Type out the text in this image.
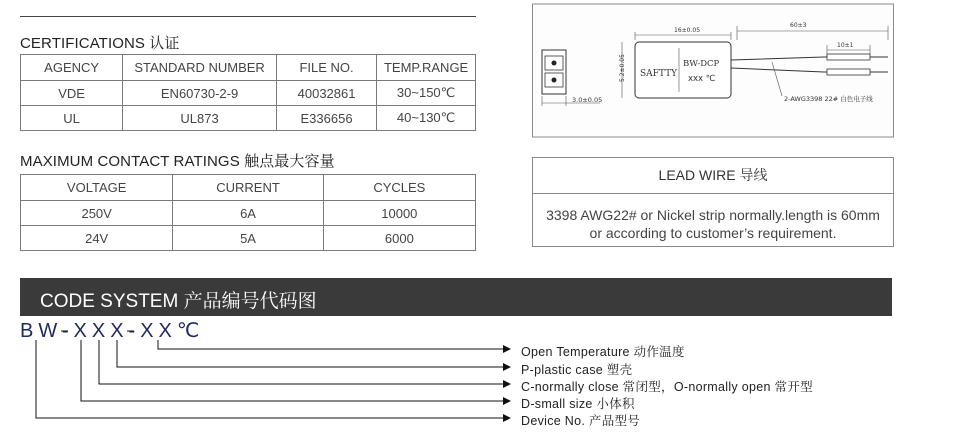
CERTIFICATIONS 认证
AGENCY	STANDARD NUMBER	FILE NO.	TEMP.RANGE
VDE	EN60730-2-9	40032861	30~150℃
UL	UL873	E336656	40~130℃
MAXIMUM CONTACT RATINGS 触点最大容量
VOLTAGE	CURRENT	CYCLES
250V	6A	10000
24V	5A	6000
3.0±0.05
5.2±0.05 SAFTTY
BW-DCP
xxx ℃
16±0.05
60±3
10±1
2-AWG3398 22# 白色电子线
LEAD WIRE 导线
3398 AWG22# or Nickel strip normally.length is 60mm or according to customer’s requirement.
CODE SYSTEM 产品编号代码图
BW-XXX-XX℃
Open Temperature 动作温度
P-plastic case 塑壳
C-normally close 常闭型，O-normally open 常开型
D-small size 小体积
Device No. 产品型号
